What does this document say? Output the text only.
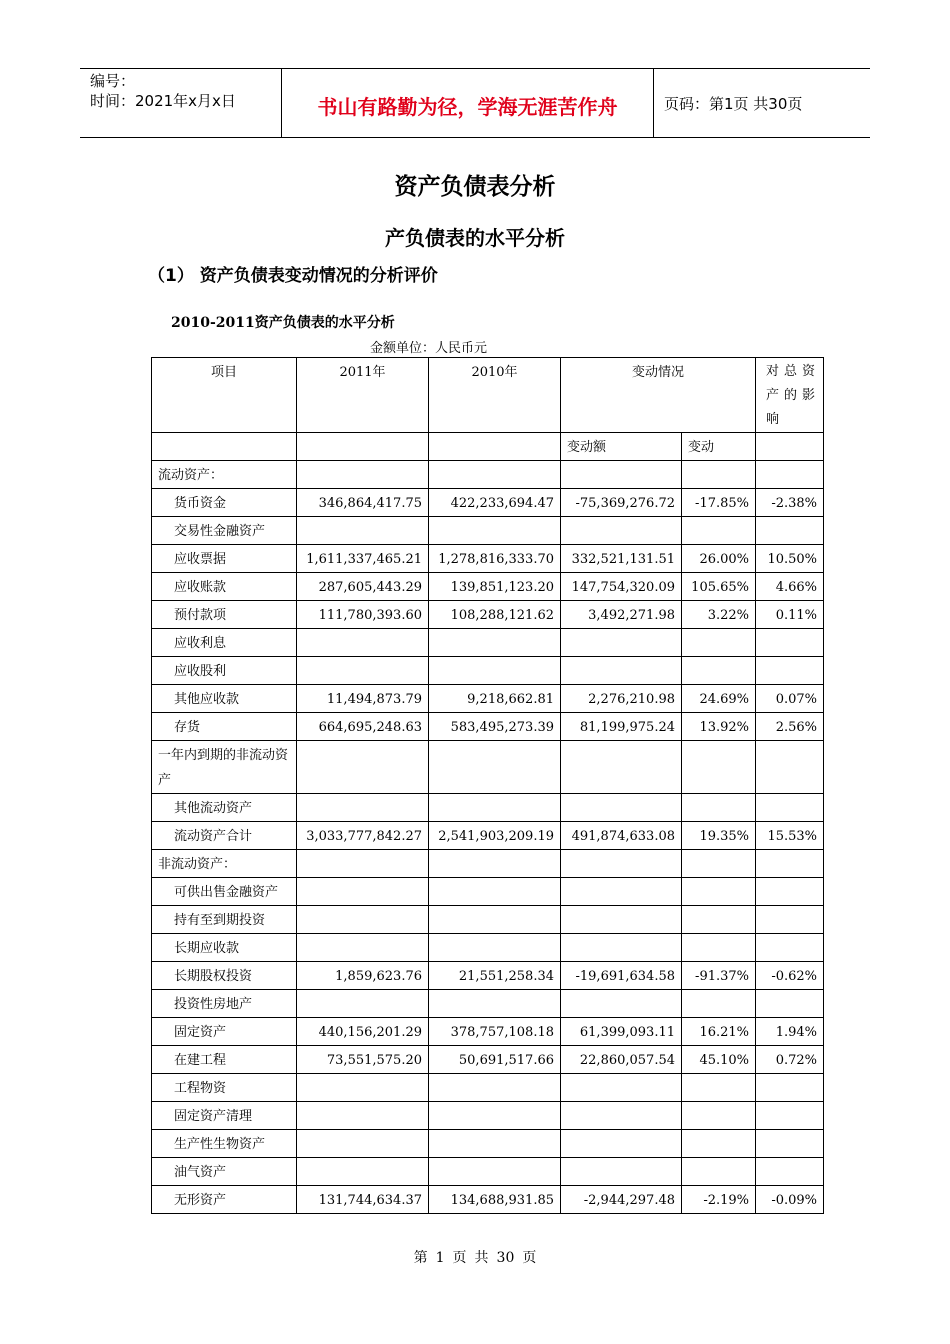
编号：
时间：2021年x月x日	书山有路勤为径，学海无涯苦作舟	页码：第1页 共30页
资产负债表分析
产负债表的水平分析
（1） 资产负债表变动情况的分析评价
2010-2011资产负债表的水平分析
金额单位：人民币元
项目	2011年	2010年	变动情况		对总资产的影响
			变动额	变动	
流动资产：					
货币资金	346,864,417.75	422,233,694.47	-75,369,276.72	-17.85%	-2.38%
交易性金融资产					
应收票据	1,611,337,465.21	1,278,816,333.70	332,521,131.51	26.00%	10.50%
应收账款	287,605,443.29	139,851,123.20	147,754,320.09	105.65%	4.66%
预付款项	111,780,393.60	108,288,121.62	3,492,271.98	3.22%	0.11%
应收利息					
应收股利					
其他应收款	11,494,873.79	9,218,662.81	2,276,210.98	24.69%	0.07%
存货	664,695,248.63	583,495,273.39	81,199,975.24	13.92%	2.56%
一年内到期的非流动资产					
其他流动资产					
流动资产合计	3,033,777,842.27	2,541,903,209.19	491,874,633.08	19.35%	15.53%
非流动资产：					
可供出售金融资产					
持有至到期投资					
长期应收款					
长期股权投资	1,859,623.76	21,551,258.34	-19,691,634.58	-91.37%	-0.62%
投资性房地产					
固定资产	440,156,201.29	378,757,108.18	61,399,093.11	16.21%	1.94%
在建工程	73,551,575.20	50,691,517.66	22,860,057.54	45.10%	0.72%
工程物资					
固定资产清理					
生产性生物资产					
油气资产					
无形资产	131,744,634.37	134,688,931.85	-2,944,297.48	-2.19%	-0.09%
第 1 页 共 30 页
